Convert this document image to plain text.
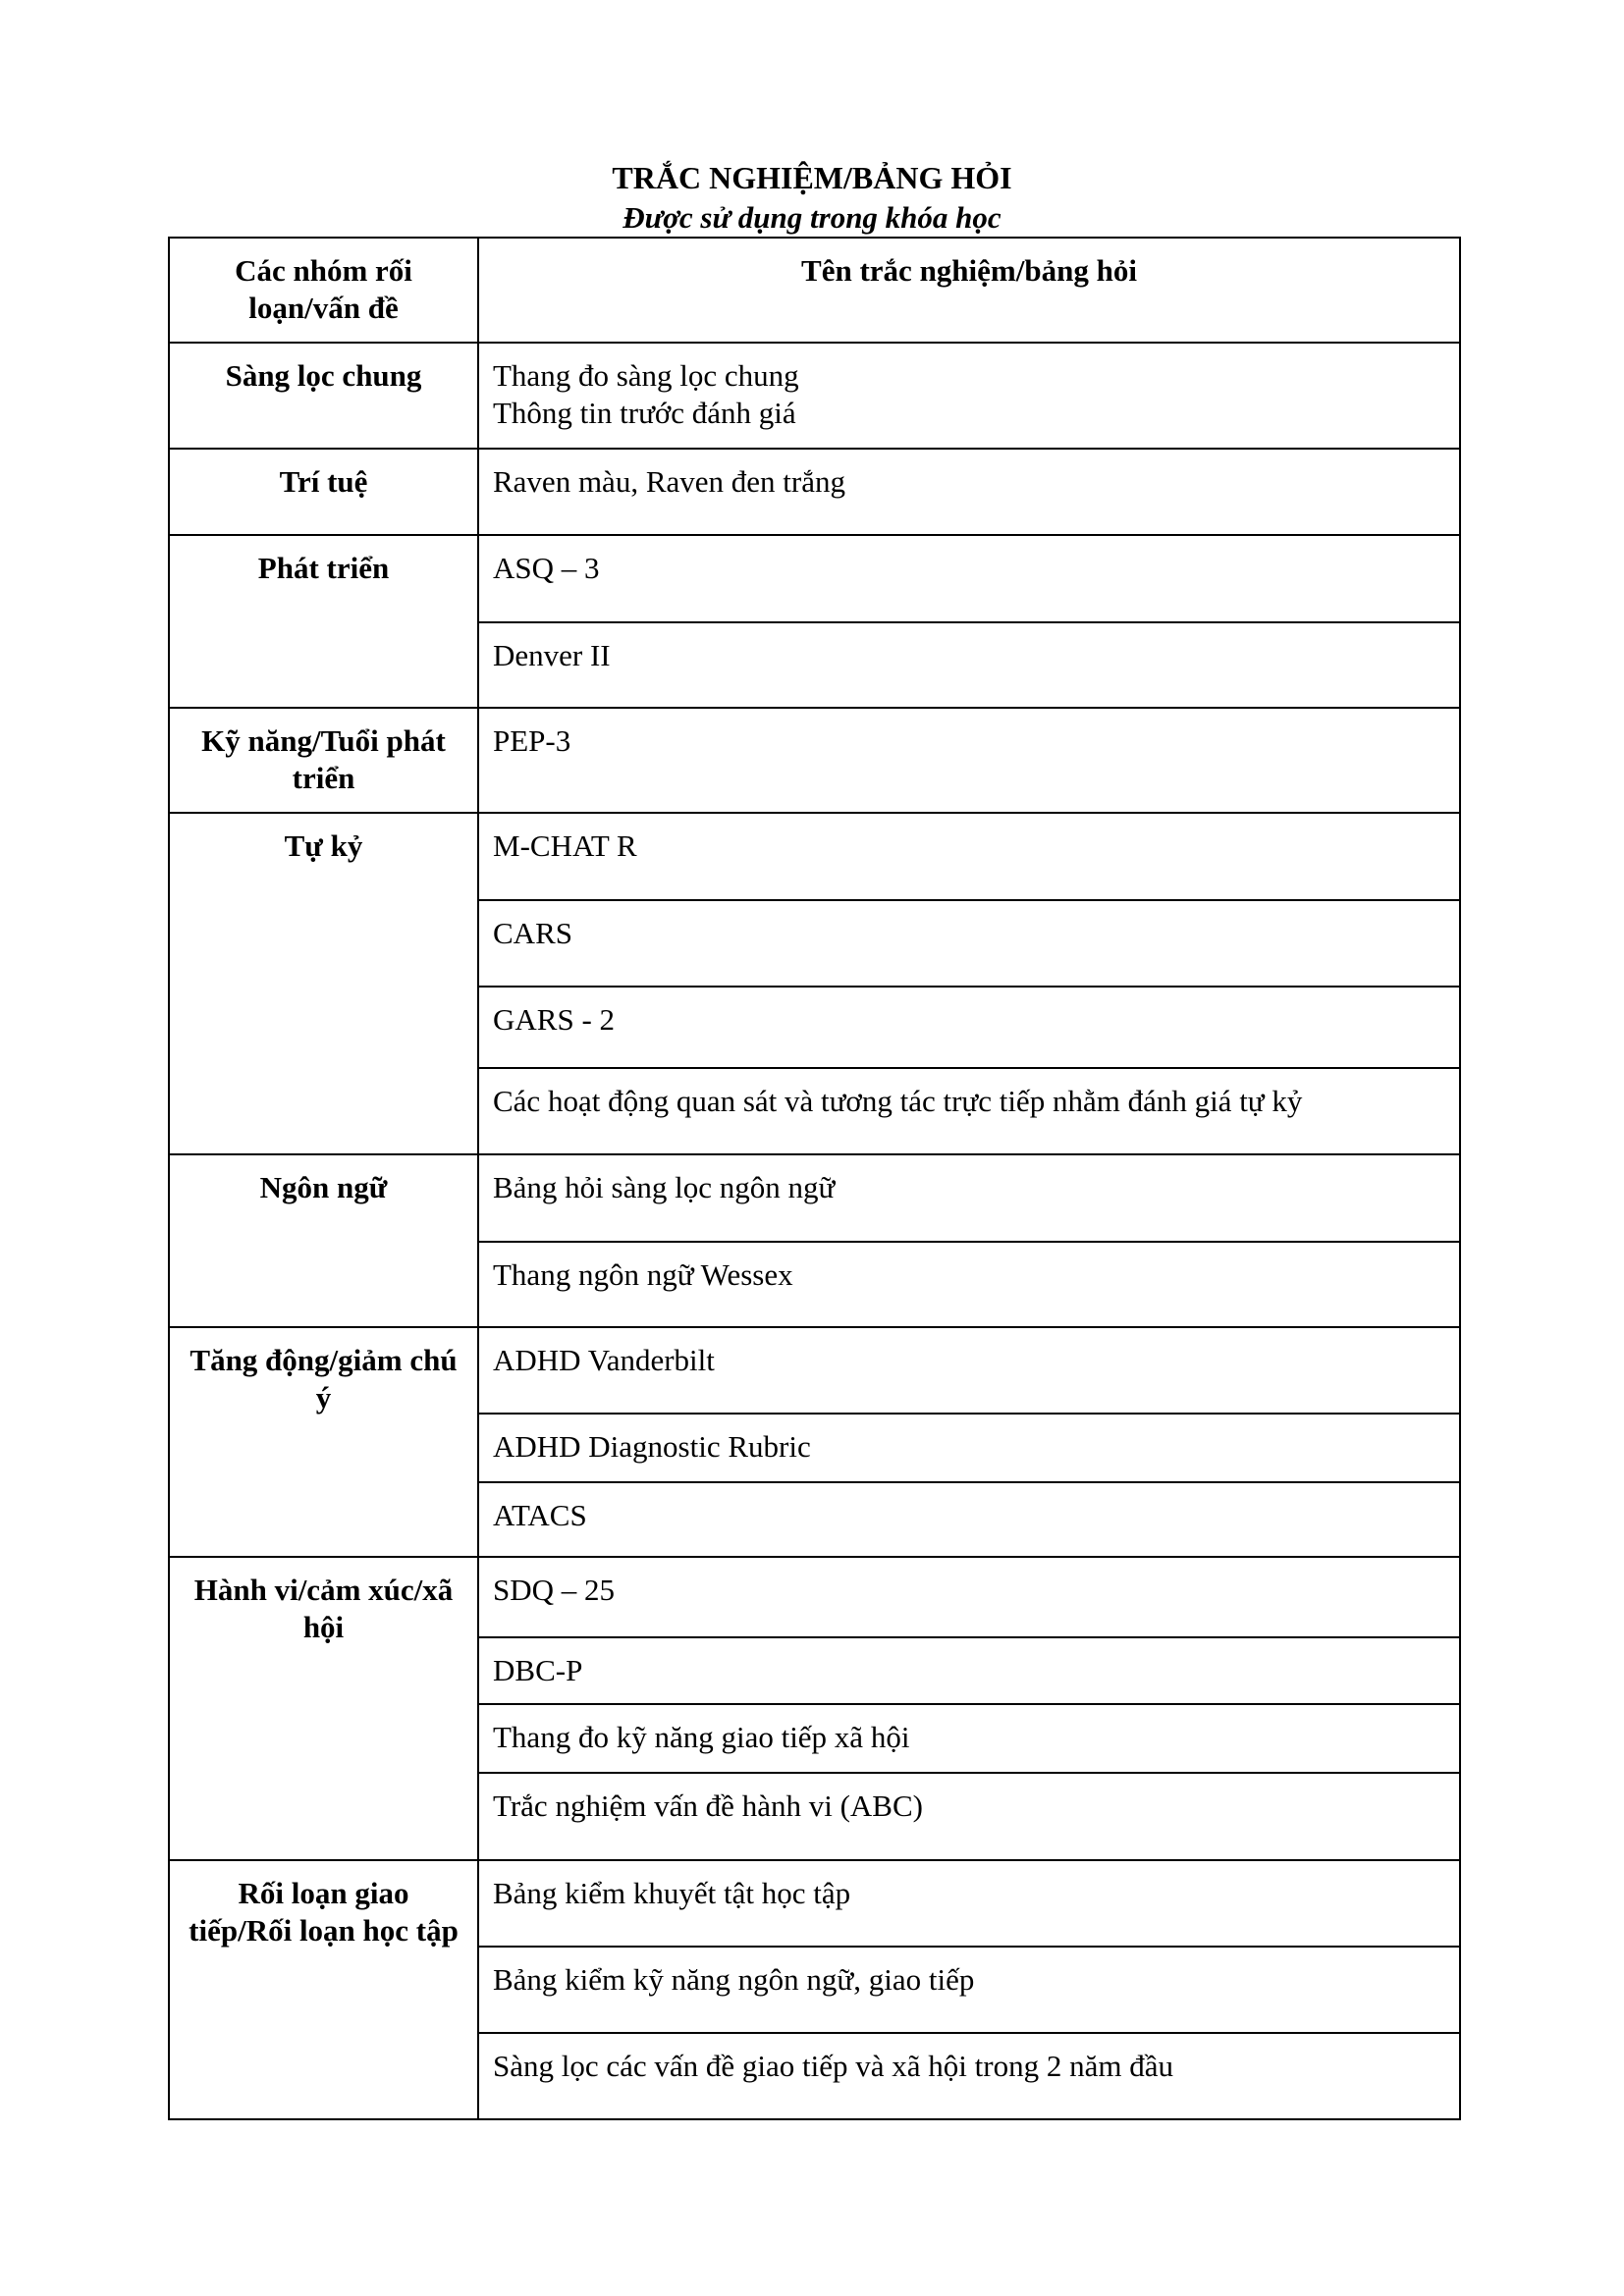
TRẮC NGHIỆM/BẢNG HỎI
Được sử dụng trong khóa học
Các nhóm rối loạn/vấn đề	Tên trắc nghiệm/bảng hỏi
Sàng lọc chung	Thang đo sàng lọc chung
Thông tin trước đánh giá

Trí tuệ	Raven màu, Raven đen trắng

Phát triển	ASQ – 3

	Denver II

Kỹ năng/Tuổi phát triển	PEP-3

Tự kỷ	M-CHAT R

	CARS

	GARS - 2

	Các hoạt động quan sát và tương tác trực tiếp nhằm đánh giá tự kỷ

Ngôn ngữ	Bảng hỏi sàng lọc ngôn ngữ

	Thang ngôn ngữ Wessex

Tăng động/giảm chú ý	ADHD Vanderbilt

	ADHD Diagnostic Rubric

	ATACS

Hành vi/cảm xúc/xã hội	SDQ – 25

	DBC-P

	Thang đo kỹ năng giao tiếp xã hội

	Trắc nghiệm vấn đề hành vi (ABC)

Rối loạn giao tiếp/Rối loạn học tập	Bảng kiểm khuyết tật học tập

	Bảng kiểm kỹ năng ngôn ngữ, giao tiếp

	Sàng lọc các vấn đề giao tiếp và xã hội trong 2 năm đầu
